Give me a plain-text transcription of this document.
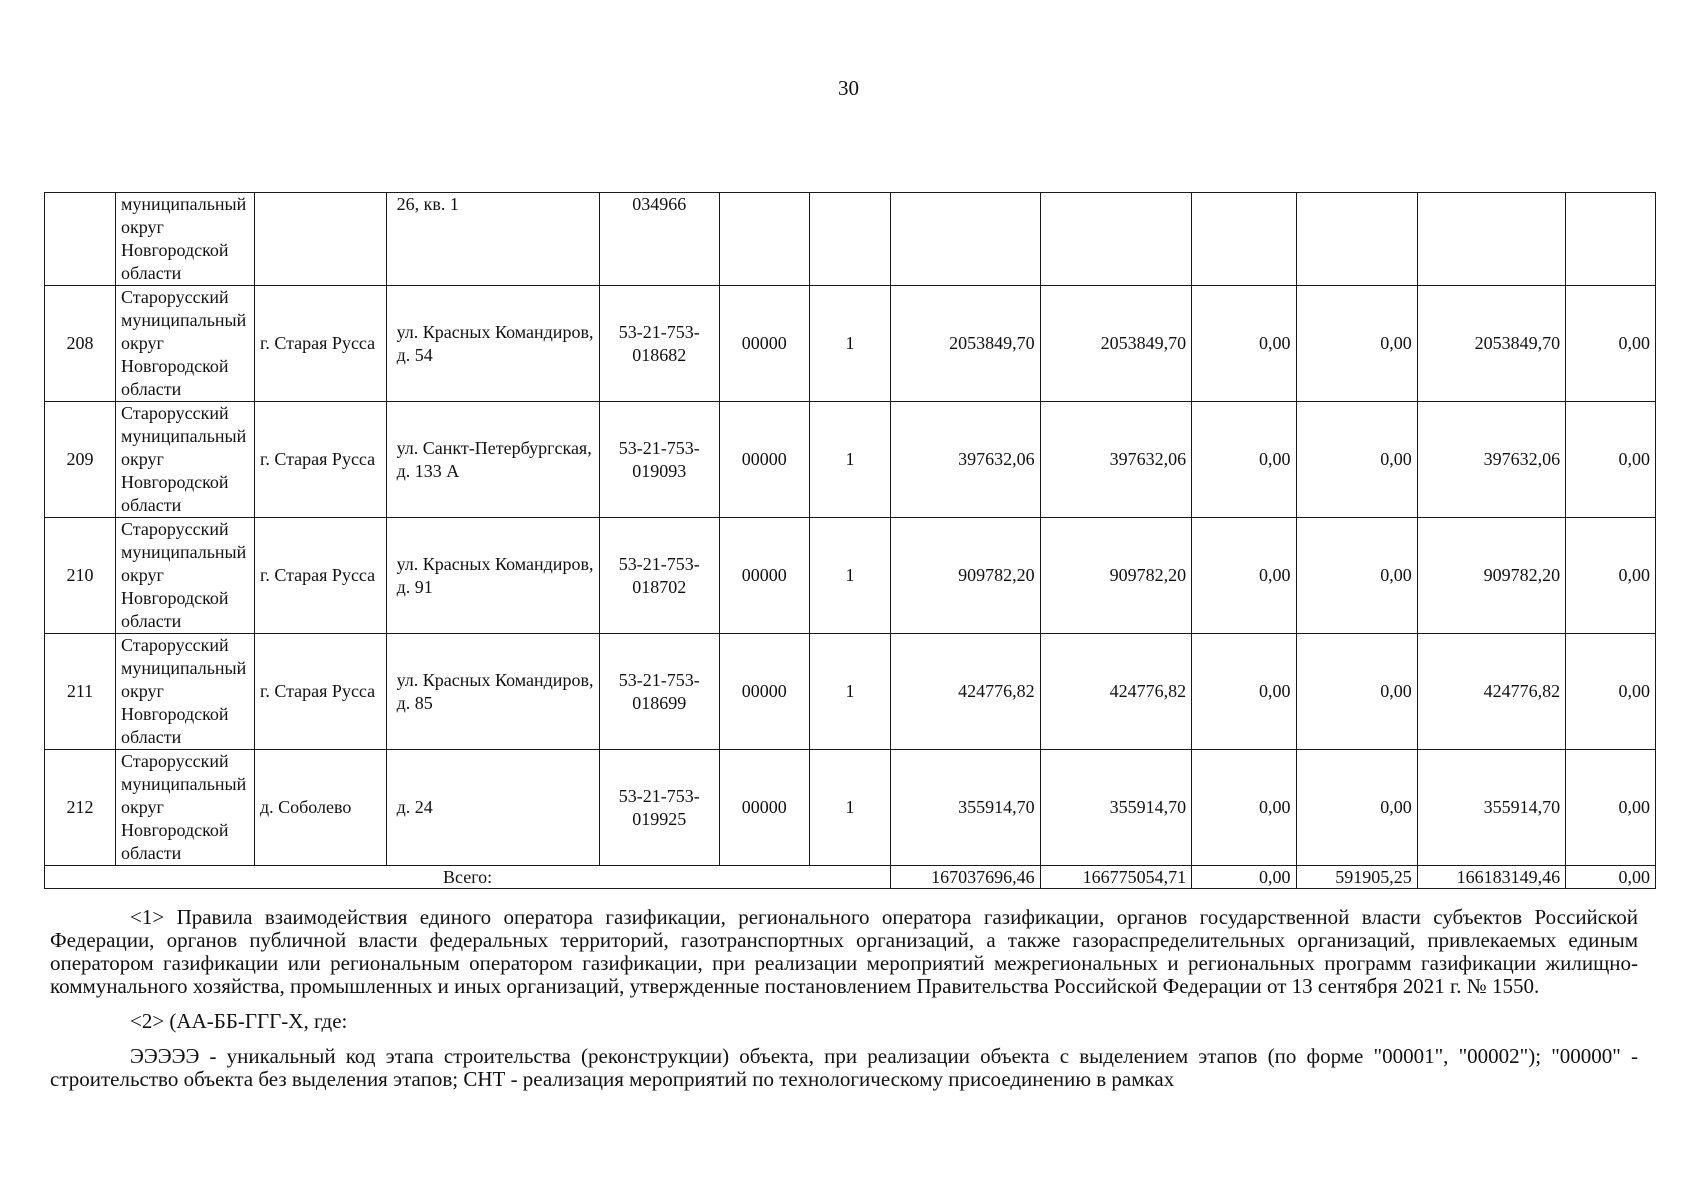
30
	муниципальный округ Новгородской области		26, кв. 1	034966								
208	Старорусский муниципальный округ Новгородской области	г. Старая Русса	ул. Красных Командиров, д. 54	53-21-753-018682	00000	1	2053849,70	2053849,70	0,00	0,00	2053849,70	0,00
209	Старорусский муниципальный округ Новгородской области	г. Старая Русса	ул. Санкт-Петербургская, д. 133 А	53-21-753-019093	00000	1	397632,06	397632,06	0,00	0,00	397632,06	0,00
210	Старорусский муниципальный округ Новгородской области	г. Старая Русса	ул. Красных Командиров, д. 91	53-21-753-018702	00000	1	909782,20	909782,20	0,00	0,00	909782,20	0,00
211	Старорусский муниципальный округ Новгородской области	г. Старая Русса	ул. Красных Командиров, д. 85	53-21-753-018699	00000	1	424776,82	424776,82	0,00	0,00	424776,82	0,00
212	Старорусский муниципальный округ Новгородской области	д. Соболево	д. 24	53-21-753-019925	00000	1	355914,70	355914,70	0,00	0,00	355914,70	0,00
Всего:							167037696,46	166775054,71	0,00	591905,25	166183149,46	0,00

<1> Правила взаимодействия единого оператора газификации, регионального оператора газификации, органов государственной власти субъектов Российской Федерации, органов публичной власти федеральных территорий, газотранспортных организаций, а также газораспределительных организаций, привлекаемых единым оператором газификации или региональным оператором газификации, при реализации мероприятий межрегиональных и региональных программ газификации жилищно-коммунального хозяйства, промышленных и иных организаций, утвержденные постановлением Правительства Российской Федерации от 13 сентября 2021 г. № 1550.

<2> (АА-ББ-ГГГ-Х, где:

ЭЭЭЭЭ - уникальный код этапа строительства (реконструкции) объекта, при реализации объекта с выделением этапов (по форме "00001", "00002"); "00000" - строительство объекта без выделения этапов; СНТ - реализация мероприятий по технологическому присоединению в рамках
